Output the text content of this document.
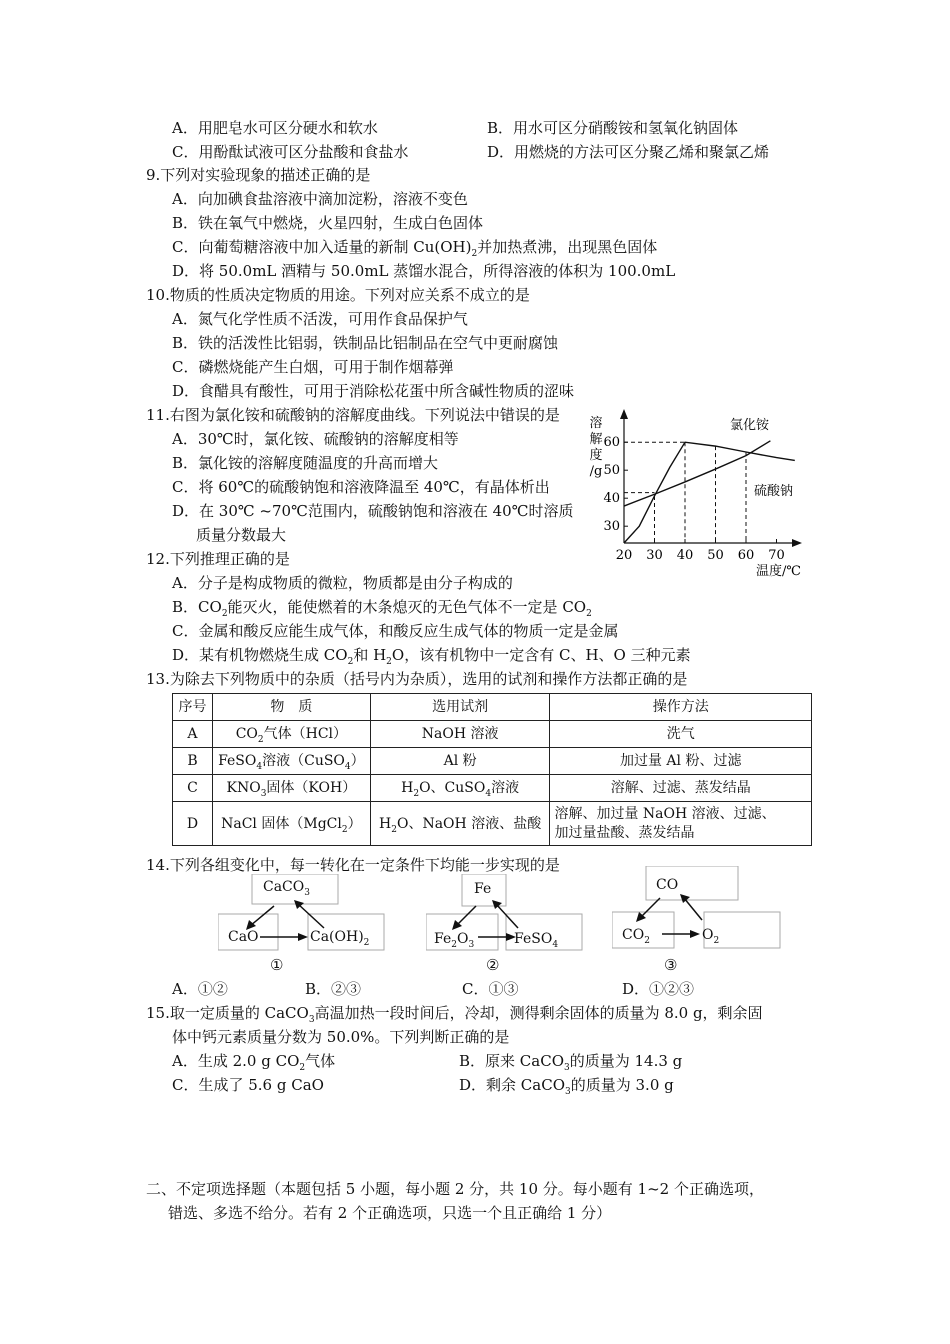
A．用肥皂水可区分硬水和软水	B．用水可区分硝酸铵和氢氧化钠固体
C．用酚酞试液可区分盐酸和食盐水	D．用燃烧的方法可区分聚乙烯和聚氯乙烯
9.下列对实验现象的描述正确的是
A．向加碘食盐溶液中滴加淀粉，溶液不变色
B．铁在氧气中燃烧，火星四射，生成白色固体
C．向葡萄糖溶液中加入适量的新制 $Cu(OH)_2$并加热煮沸，出现黑色固体
D．将 50.0mL 酒精与 50.0mL 蒸馏水混合，所得溶液的体积为 100.0mL
10.物质的性质决定物质的用途。下列对应关系不成立的是
A．氮气化学性质不活泼，可用作食品保护气
B．铁的活泼性比铝弱，铁制品比铝制品在空气中更耐腐蚀
C．磷燃烧能产生白烟，可用于制作烟幕弹
D．食醋具有酸性，可用于消除松花蛋中所含碱性物质的涩味
11.右图为氯化铵和硫酸钠的溶解度曲线。下列说法中错误的是
A．30℃时，氯化铵、硫酸钠的溶解度相等
B．氯化铵的溶解度随温度的升高而增大
C．将 60℃的硫酸钠饱和溶液降温至 40℃，有晶体析出
D．在 30℃ ~70℃范围内，硫酸钠饱和溶液在 40℃时溶质
质量分数最大
溶
解
度
/g
20 30 40 50 60 70
30
40
50
60
氯化铵
硫酸钠
温度/℃
12.下列推理正确的是
A．分子是构成物质的微粒，物质都是由分子构成的
B．$CO_2$能灭火，能使燃着的木条熄灭的无色气体不一定是 $CO_2$
C．金属和酸反应能生成气体，和酸反应生成气体的物质一定是金属
D．某有机物燃烧生成 $CO_2$和 $H_2O$，该有机物中一定含有 C、H、O 三种元素
13.为除去下列物质中的杂质（括号内为杂质），选用的试剂和操作方法都正确的是
序号	物　质	选用试剂	操作方法
A	$CO_2$气体（HCl）	NaOH 溶液	洗气
B	FeSO$_4$溶液（CuSO$_4$）	Al 粉	加过量 Al 粉、过滤
C	$KNO_3$固体（KOH）	$H_2O$、CuSO$_4$溶液	溶解、过滤、蒸发结晶
D	NaCl 固体（MgCl$_2$）	$H_2O$、NaOH 溶液、盐酸	溶解、加过量 NaOH 溶液、过滤、
加过量盐酸、蒸发结晶
14.下列各组变化中，每一转化在一定条件下均能一步实现的是
CaCO$_3$
CaO	$Ca(OH)_2$
①
Fe
$Fe_2O_3$	FeSO$_4$
②
CO
$CO_2$	$O_2$
③
A．①②	B．②③	C．①③	D．①②③
15.取一定质量的 CaCO$_3$高温加热一段时间后，冷却，测得剩余固体的质量为 8.0 g，剩余固
体中钙元素质量分数为 50.0%。下列判断正确的是
A．生成 2.0 g $CO_2$气体	B．原来 CaCO$_3$的质量为 14.3 g
C．生成了 5.6 g CaO	D．剩余 CaCO$_3$的质量为 3.0 g
二、不定项选择题（本题包括 5 小题，每小题 2 分，共 10 分。每小题有 1~2 个正确选项，
错选、多选不给分。若有 2 个正确选项，只选一个且正确给 1 分）
